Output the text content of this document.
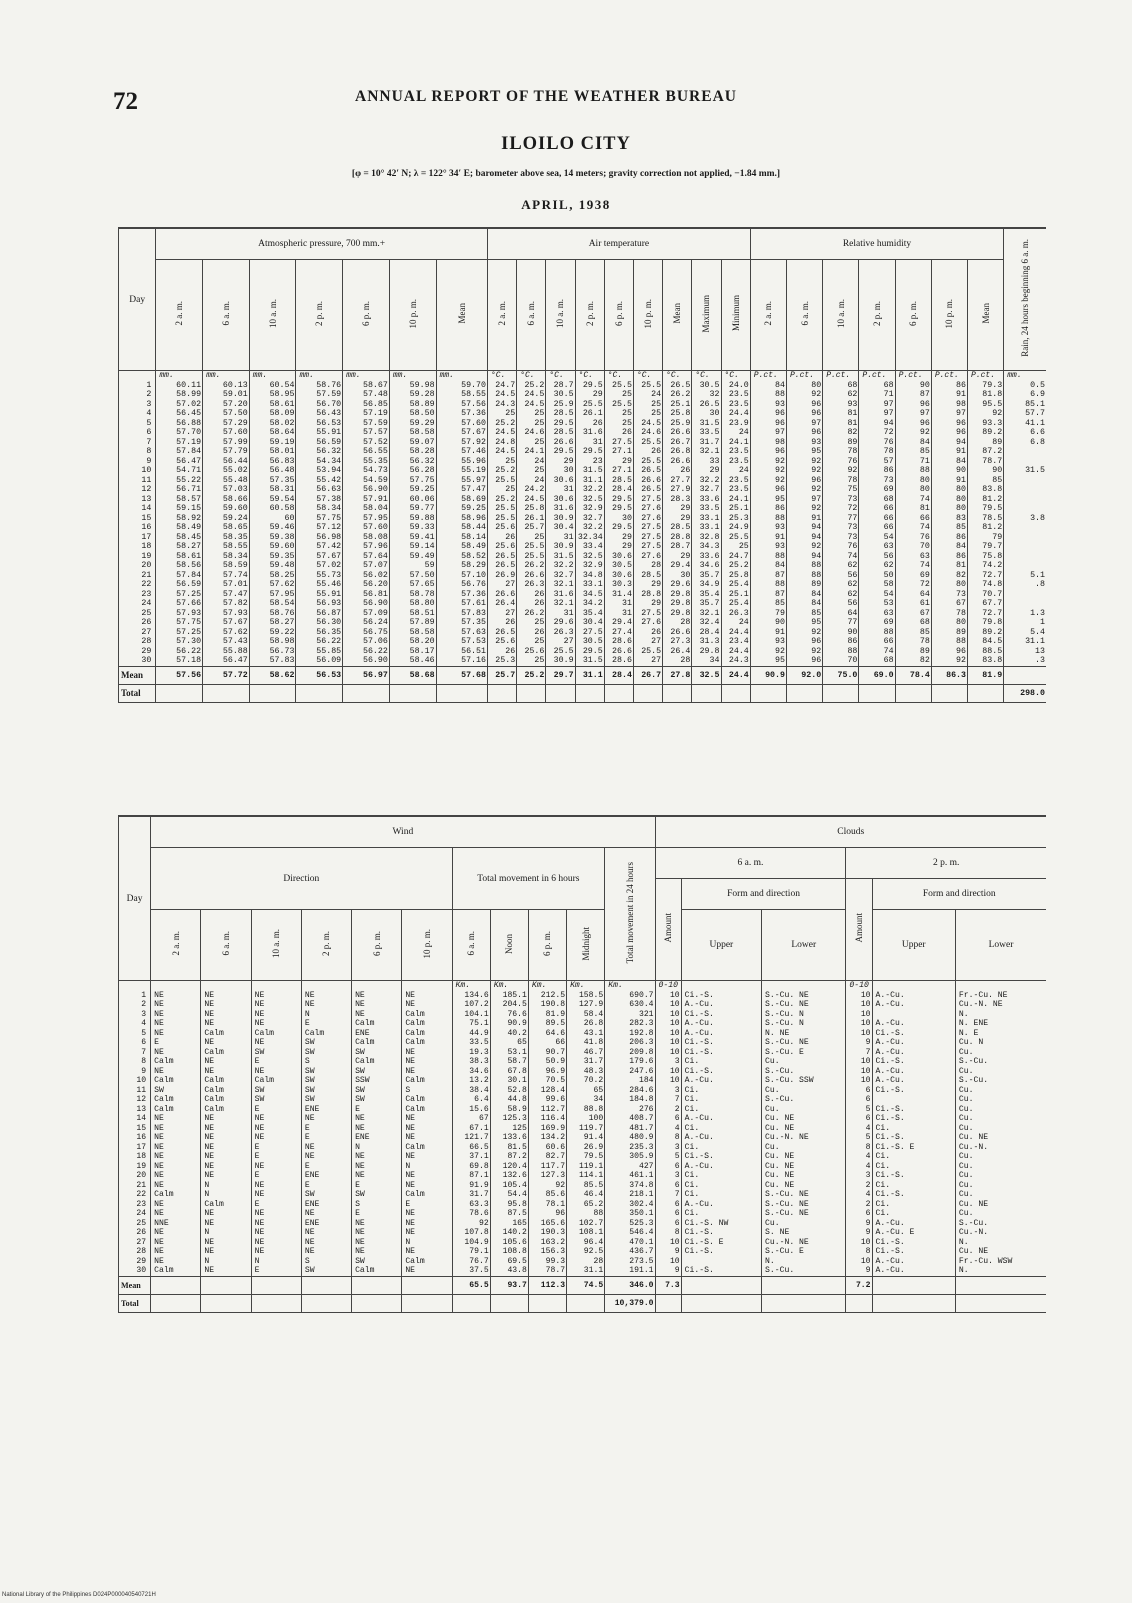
72	ANNUAL REPORT OF THE WEATHER BUREAU
ILOILO CITY
[φ = 10° 42′ N; λ = 122° 34′ E; barometer above sea, 14 meters; gravity correction not applied, −1.84 mm.]
APRIL, 1938
Day	Atmospheric pressure, 700 mm.+							Air temperature									Relative humidity							Rain, 24 hours beginning 6 a. m.
	2 a. m.	6 a. m.	10 a. m.	2 p. m.	6 p. m.	10 p. m.	Mean	2 a. m.	6 a. m.	10 a. m.	2 p. m.	6 p. m.	10 p. m.	Mean	Maximum	Minimum	2 a. m.	6 a. m.	10 a. m.	2 p. m.	6 p. m.	10 p. m.	Mean	
	mm.	mm.	mm.	mm.	mm.	mm.	mm.	°C.	°C.	°C.	°C.	°C.	°C.	°C.	°C.	°C.	P.ct.	P.ct.	P.ct.	P.ct.	P.ct.	P.ct.	P.ct.	mm.
1	60.11	60.13	60.54	58.76	58.67	59.98	59.70	24.7	25.2	28.7	29.5	25.5	25.5	26.5	30.5	24.0	84	80	68	68	90	86	79.3	0.5
2	58.99	59.01	58.95	57.59	57.48	59.28	58.55	24.5	24.5	30.5	29	25	24	26.2	32	23.5	88	92	62	71	87	91	81.8	6.9
3	57.02	57.20	58.61	56.70	56.85	58.89	57.56	24.3	24.5	25.9	25.5	25.5	25	25.1	26.5	23.5	93	96	93	97	96	98	95.5	85.1
4	56.45	57.50	58.09	56.43	57.19	58.50	57.36	25	25	28.5	26.1	25	25	25.8	30	24.4	96	96	81	97	97	97	92	57.7
5	56.88	57.29	58.02	56.53	57.59	59.29	57.60	25.2	25	29.5	26	25	24.5	25.9	31.5	23.9	96	97	81	94	96	96	93.3	41.1
6	57.70	57.60	58.64	55.91	57.57	58.58	57.67	24.5	24.6	28.5	31.6	26	24.6	26.6	33.5	24	97	96	82	72	92	96	89.2	6.6
7	57.19	57.99	59.19	56.59	57.52	59.07	57.92	24.8	25	26.6	31	27.5	25.5	26.7	31.7	24.1	98	93	89	76	84	94	89	6.8
8	57.84	57.79	58.01	56.32	56.55	58.28	57.46	24.5	24.1	29.5	29.5	27.1	26	26.8	32.1	23.5	96	95	78	78	85	91	87.2	
9	56.47	56.44	56.83	54.34	55.35	56.32	55.96	25	24	29	23	29	25.5	26.6	33	23.5	92	92	76	57	71	84	78.7	
10	54.71	55.02	56.48	53.94	54.73	56.28	55.19	25.2	25	30	31.5	27.1	26.5	26	29	24	92	92	92	86	88	90	90	31.5
11	55.22	55.48	57.35	55.42	54.59	57.75	55.97	25.5	24	30.6	31.1	28.5	26.6	27.7	32.2	23.5	92	96	78	73	80	91	85	
12	56.71	57.03	58.31	56.63	56.90	59.25	57.47	25	24.2	31	32.2	28.4	26.5	27.9	32.7	23.5	96	92	75	69	80	80	83.8	
13	58.57	58.66	59.54	57.38	57.91	60.06	58.69	25.2	24.5	30.6	32.5	29.5	27.5	28.3	33.6	24.1	95	97	73	68	74	80	81.2	
14	59.15	59.60	60.58	58.34	58.04	59.77	59.25	25.5	25.8	31.6	32.9	29.5	27.6	29	33.5	25.1	86	92	72	66	81	80	79.5	
15	58.92	59.24	60	57.75	57.95	59.88	58.96	25.5	26.1	30.9	32.7	30	27.6	29	33.1	25.3	88	91	77	66	66	83	78.5	3.8
16	58.49	58.65	59.46	57.12	57.60	59.33	58.44	25.6	25.7	30.4	32.2	29.5	27.5	28.5	33.1	24.9	93	94	73	66	74	85	81.2	
17	58.45	58.35	59.38	56.98	58.08	59.41	58.14	26	25	31	32.34	29	27.5	28.8	32.8	25.5	91	94	73	54	76	86	79	
18	58.27	58.55	59.60	57.42	57.96	59.14	58.49	25.6	25.5	30.9	33.4	29	27.5	28.7	34.3	25	93	92	76	63	70	84	79.7	
19	58.61	58.34	59.35	57.67	57.64	59.49	58.52	26.5	25.5	31.5	32.5	30.6	27.6	29	33.6	24.7	88	94	74	56	63	86	75.8	
20	58.56	58.59	59.48	57.02	57.07	59	58.29	26.5	26.2	32.2	32.9	30.5	28	29.4	34.6	25.2	84	88	62	62	74	81	74.2	
21	57.84	57.74	58.25	55.73	56.02	57.50	57.10	26.9	26.6	32.7	34.8	30.6	28.5	30	35.7	25.8	87	88	56	50	69	82	72.7	5.1
22	56.59	57.01	57.62	55.46	56.20	57.65	56.76	27	26.3	32.1	33.1	30.3	29	29.6	34.9	25.4	88	89	62	58	72	80	74.8	.8
23	57.25	57.47	57.95	55.91	56.81	58.78	57.36	26.6	26	31.6	34.5	31.4	28.8	29.8	35.4	25.1	87	84	62	54	64	73	70.7	
24	57.66	57.82	58.54	56.93	56.90	58.80	57.61	26.4	26	32.1	34.2	31	29	29.8	35.7	25.4	85	84	56	53	61	67	67.7	
25	57.93	57.93	58.76	56.87	57.09	58.51	57.83	27	26.2	31	35.4	31	27.5	29.8	32.1	26.3	79	85	64	63	67	78	72.7	1.3
26	57.75	57.67	58.27	56.30	56.24	57.89	57.35	26	25	29.6	30.4	29.4	27.6	28	32.4	24	90	95	77	69	68	80	79.8	1
27	57.25	57.62	59.22	56.35	56.75	58.58	57.63	26.5	26	26.3	27.5	27.4	26	26.6	28.4	24.4	91	92	90	88	85	89	89.2	5.4
28	57.30	57.43	58.98	56.22	57.06	58.20	57.53	25.6	25	27	30.5	28.6	27	27.3	31.3	23.4	93	96	86	66	78	88	84.5	31.1
29	56.22	55.88	56.73	55.85	56.22	58.17	56.51	26	25.6	25.5	29.5	26.6	25.5	26.4	29.8	24.4	92	92	88	74	89	96	88.5	13
30	57.18	56.47	57.83	56.09	56.90	58.46	57.16	25.3	25	30.9	31.5	28.6	27	28	34	24.3	95	96	70	68	82	92	83.8	.3
Mean	57.56	57.72	58.62	56.53	56.97	58.68	57.68	25.7	25.2	29.7	31.1	28.4	26.7	27.8	32.5	24.4	90.9	92.0	75.0	69.0	78.4	86.3	81.9	
Total																								298.0
Day	Wind											Clouds					
	Direction						Total movement in 6 hours				Total movement in 24 hours	6 a. m.			2 p. m.		
												Amount	Form and direction		Amount	Form and direction	
	2 a. m.	6 a. m.	10 a. m.	2 p. m.	6 p. m.	10 p. m.	6 a. m.	Noon	6 p. m.	Midnight			Upper	Lower		Upper	Lower
							Km.	Km.	Km.	Km.	Km.	0-10			0-10		
1	NE	NE	NE	NE	NE	NE	134.6	185.1	212.5	158.5	690.7	10	Ci.-S.	S.-Cu. NE	10	A.-Cu.	Fr.-Cu. NE
2	NE	NE	NE	NE	NE	NE	107.2	204.5	190.8	127.9	630.4	10	A.-Cu.	S.-Cu. NE	10	A.-Cu.	Cu.-N. NE
3	NE	NE	NE	N	NE	Calm	104.1	76.6	81.9	58.4	321	10	Ci.-S.	S.-Cu. N	10		N.
4	NE	NE	NE	E	Calm	Calm	75.1	90.9	89.5	26.8	282.3	10	A.-Cu.	S.-Cu. N	10	A.-Cu.	N. ENE
5	NE	Calm	Calm	Calm	ENE	Calm	44.9	40.2	64.6	43.1	192.8	10	A.-Cu.	N. NE	10	Ci.-S.	N. E
6	E	NE	NE	SW	Calm	Calm	33.5	65	66	41.8	206.3	10	Ci.-S.	S.-Cu. NE	9	A.-Cu.	Cu. N
7	NE	Calm	SW	SW	SW	NE	19.3	53.1	90.7	46.7	209.8	10	Ci.-S.	S.-Cu. E	7	A.-Cu.	Cu.
8	Calm	NE	E	S	Calm	NE	38.3	58.7	50.9	31.7	179.6	3	Ci.	Cu.	10	Ci.-S.	S.-Cu.
9	NE	NE	NE	SW	SW	NE	34.6	67.8	96.9	48.3	247.6	10	Ci.-S.	S.-Cu.	10	A.-Cu.	Cu.
10	Calm	Calm	Calm	SW	SSW	Calm	13.2	30.1	70.5	70.2	184	10	A.-Cu.	S.-Cu. SSW	10	A.-Cu.	S.-Cu.
11	SW	Calm	SW	SW	SW	S	38.4	52.8	128.4	65	284.6	3	Ci.	Cu.	6	Ci.-S.	Cu.
12	Calm	Calm	SW	SW	SW	Calm	6.4	44.8	99.6	34	184.8	7	Ci.	S.-Cu.	6		Cu.
13	Calm	Calm	E	ENE	E	Calm	15.6	58.9	112.7	88.8	276	2	Ci.	Cu.	5	Ci.-S.	Cu.
14	NE	NE	NE	NE	NE	NE	67	125.3	116.4	100	408.7	6	A.-Cu.	Cu. NE	6	Ci.-S.	Cu.
15	NE	NE	NE	E	NE	NE	67.1	125	169.9	119.7	481.7	4	Ci.	Cu. NE	4	Ci.	Cu.
16	NE	NE	NE	E	ENE	NE	121.7	133.6	134.2	91.4	480.9	8	A.-Cu.	Cu.-N. NE	5	Ci.-S.	Cu. NE
17	NE	NE	E	NE	N	Calm	66.5	81.5	60.6	26.9	235.3	3	Ci.	Cu.	8	Ci.-S. E	Cu.-N.
18	NE	NE	E	NE	NE	NE	37.1	87.2	82.7	79.5	305.9	5	Ci.-S.	Cu. NE	4	Ci.	Cu.
19	NE	NE	NE	E	NE	N	69.8	120.4	117.7	119.1	427	6	A.-Cu.	Cu. NE	4	Ci.	Cu.
20	NE	NE	E	ENE	NE	NE	87.1	132.6	127.3	114.1	461.1	3	Ci.	Cu. NE	3	Ci.-S.	Cu.
21	NE	N	NE	E	E	NE	91.9	105.4	92	85.5	374.8	6	Ci.	Cu. NE	2	Ci.	Cu.
22	Calm	N	NE	SW	SW	Calm	31.7	54.4	85.6	46.4	218.1	7	Ci.	S.-Cu. NE	4	Ci.-S.	Cu.
23	NE	Calm	E	ENE	S	E	63.3	95.8	78.1	65.2	302.4	6	A.-Cu.	S.-Cu. NE	2	Ci.	Cu. NE
24	NE	NE	NE	NE	E	NE	78.6	87.5	96	88	350.1	6	Ci.	S.-Cu. NE	6	Ci.	Cu.
25	NNE	NE	NE	ENE	NE	NE	92	165	165.6	102.7	525.3	6	Ci.-S. NW	Cu.	9	A.-Cu.	S.-Cu.
26	NE	N	NE	NE	NE	NE	107.8	140.2	190.3	108.1	546.4	8	Ci.-S.	S. NE	9	A.-Cu. E	Cu.-N.
27	NE	NE	NE	NE	NE	N	104.9	105.6	163.2	96.4	470.1	10	Ci.-S. E	Cu.-N. NE	10	Ci.-S.	N.
28	NE	NE	NE	NE	NE	NE	79.1	108.8	156.3	92.5	436.7	9	Ci.-S.	S.-Cu. E	8	Ci.-S.	Cu. NE
29	NE	N	N	S	SW	Calm	76.7	69.5	99.3	28	273.5	10		N.	10	A.-Cu.	Fr.-Cu. WSW
30	Calm	NE	E	SW	Calm	NE	37.5	43.8	78.7	31.1	191.1	9	Ci.-S.	S.-Cu.	9	A.-Cu.	N.
Mean							65.5	93.7	112.3	74.5	346.0	7.3			7.2		
Total											10,379.0						
National Library of the Philippines D024P000040540721H
